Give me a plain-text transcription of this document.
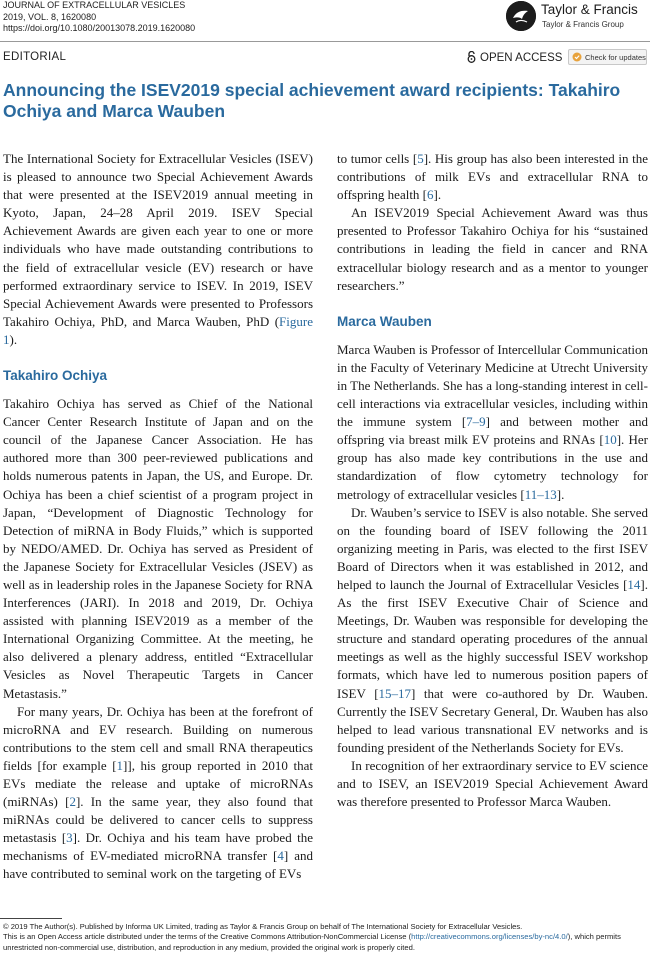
JOURNAL OF EXTRACELLULAR VESICLES
2019, VOL. 8, 1620080
https://doi.org/10.1080/20013078.2019.1620080
Taylor & Francis
Taylor & Francis Group
EDITORIAL	OPEN ACCESS	Check for updates
Announcing the ISEV2019 special achievement award recipients: Takahiro Ochiya and Marca Wauben

The International Society for Extracellular Vesicles (ISEV) is pleased to announce two Special Achievement Awards that were presented at the ISEV2019 annual meeting in Kyoto, Japan, 24–28 April 2019. ISEV Special Achievement Awards are given each year to one or more individuals who have made outstanding contributions to the field of extracellular vesicle (EV) research or have performed extraordinary service to ISEV. In 2019, ISEV Special Achievement Awards were presented to Professors Takahiro Ochiya, PhD, and Marca Wauben, PhD (Figure 1).

Takahiro Ochiya

Takahiro Ochiya has served as Chief of the National Cancer Center Research Institute of Japan and on the council of the Japanese Cancer Association. He has authored more than 300 peer-reviewed publications and holds numerous patents in Japan, the US, and Europe. Dr. Ochiya has been a chief scientist of a program project in Japan, “Development of Diagnostic Technology for Detection of miRNA in Body Fluids,” which is supported by NEDO/AMED. Dr. Ochiya has served as President of the Japanese Society for Extracellular Vesicles (JSEV) as well as in leadership roles in the Japanese Society for RNA Interferences (JARI). In 2018 and 2019, Dr. Ochiya assisted with planning ISEV2019 as a member of the International Organizing Committee. At the meeting, he also delivered a plenary address, entitled “Extracellular Vesicles as Novel Therapeutic Targets in Cancer Metastasis.”

For many years, Dr. Ochiya has been at the forefront of microRNA and EV research. Building on numerous contributions to the stem cell and small RNA therapeutics fields [for example [1]], his group reported in 2010 that EVs mediate the release and uptake of microRNAs (miRNAs) [2]. In the same year, they also found that miRNAs could be delivered to cancer cells to suppress metastasis [3]. Dr. Ochiya and his team have probed the mechanisms of EV-mediated microRNA transfer [4] and have contributed to seminal work on the targeting of EVs

to tumor cells [5]. His group has also been interested in the contributions of milk EVs and extracellular RNA to offspring health [6].

An ISEV2019 Special Achievement Award was thus presented to Professor Takahiro Ochiya for his “sustained contributions in leading the field in cancer and RNA extracellular biology research and as a mentor to younger researchers.”

Marca Wauben

Marca Wauben is Professor of Intercellular Communication in the Faculty of Veterinary Medicine at Utrecht University in The Netherlands. She has a long-standing interest in cell-cell interactions via extracellular vesicles, including within the immune system [7–9] and between mother and offspring via breast milk EV proteins and RNAs [10]. Her group has also made key contributions in the use and standardization of flow cytometry technology for metrology of extracellular vesicles [11–13].

Dr. Wauben’s service to ISEV is also notable. She served on the founding board of ISEV following the 2011 organizing meeting in Paris, was elected to the first ISEV Board of Directors when it was established in 2012, and helped to launch the Journal of Extracellular Vesicles [14]. As the first ISEV Executive Chair of Science and Meetings, Dr. Wauben was responsible for developing the structure and standard operating procedures of the annual meetings as well as the highly successful ISEV workshop formats, which have led to numerous position papers of ISEV [15–17] that were co-authored by Dr. Wauben. Currently the ISEV Secretary General, Dr. Wauben has also helped to lead various transnational EV networks and is founding president of the Netherlands Society for EVs.

In recognition of her extraordinary service to EV science and to ISEV, an ISEV2019 Special Achievement Award was therefore presented to Professor Marca Wauben.

© 2019 The Author(s). Published by Informa UK Limited, trading as Taylor & Francis Group on behalf of The International Society for Extracellular Vesicles.
This is an Open Access article distributed under the terms of the Creative Commons Attribution-NonCommercial License (http://creativecommons.org/licenses/by-nc/4.0/), which permits unrestricted non-commercial use, distribution, and reproduction in any medium, provided the original work is properly cited.
